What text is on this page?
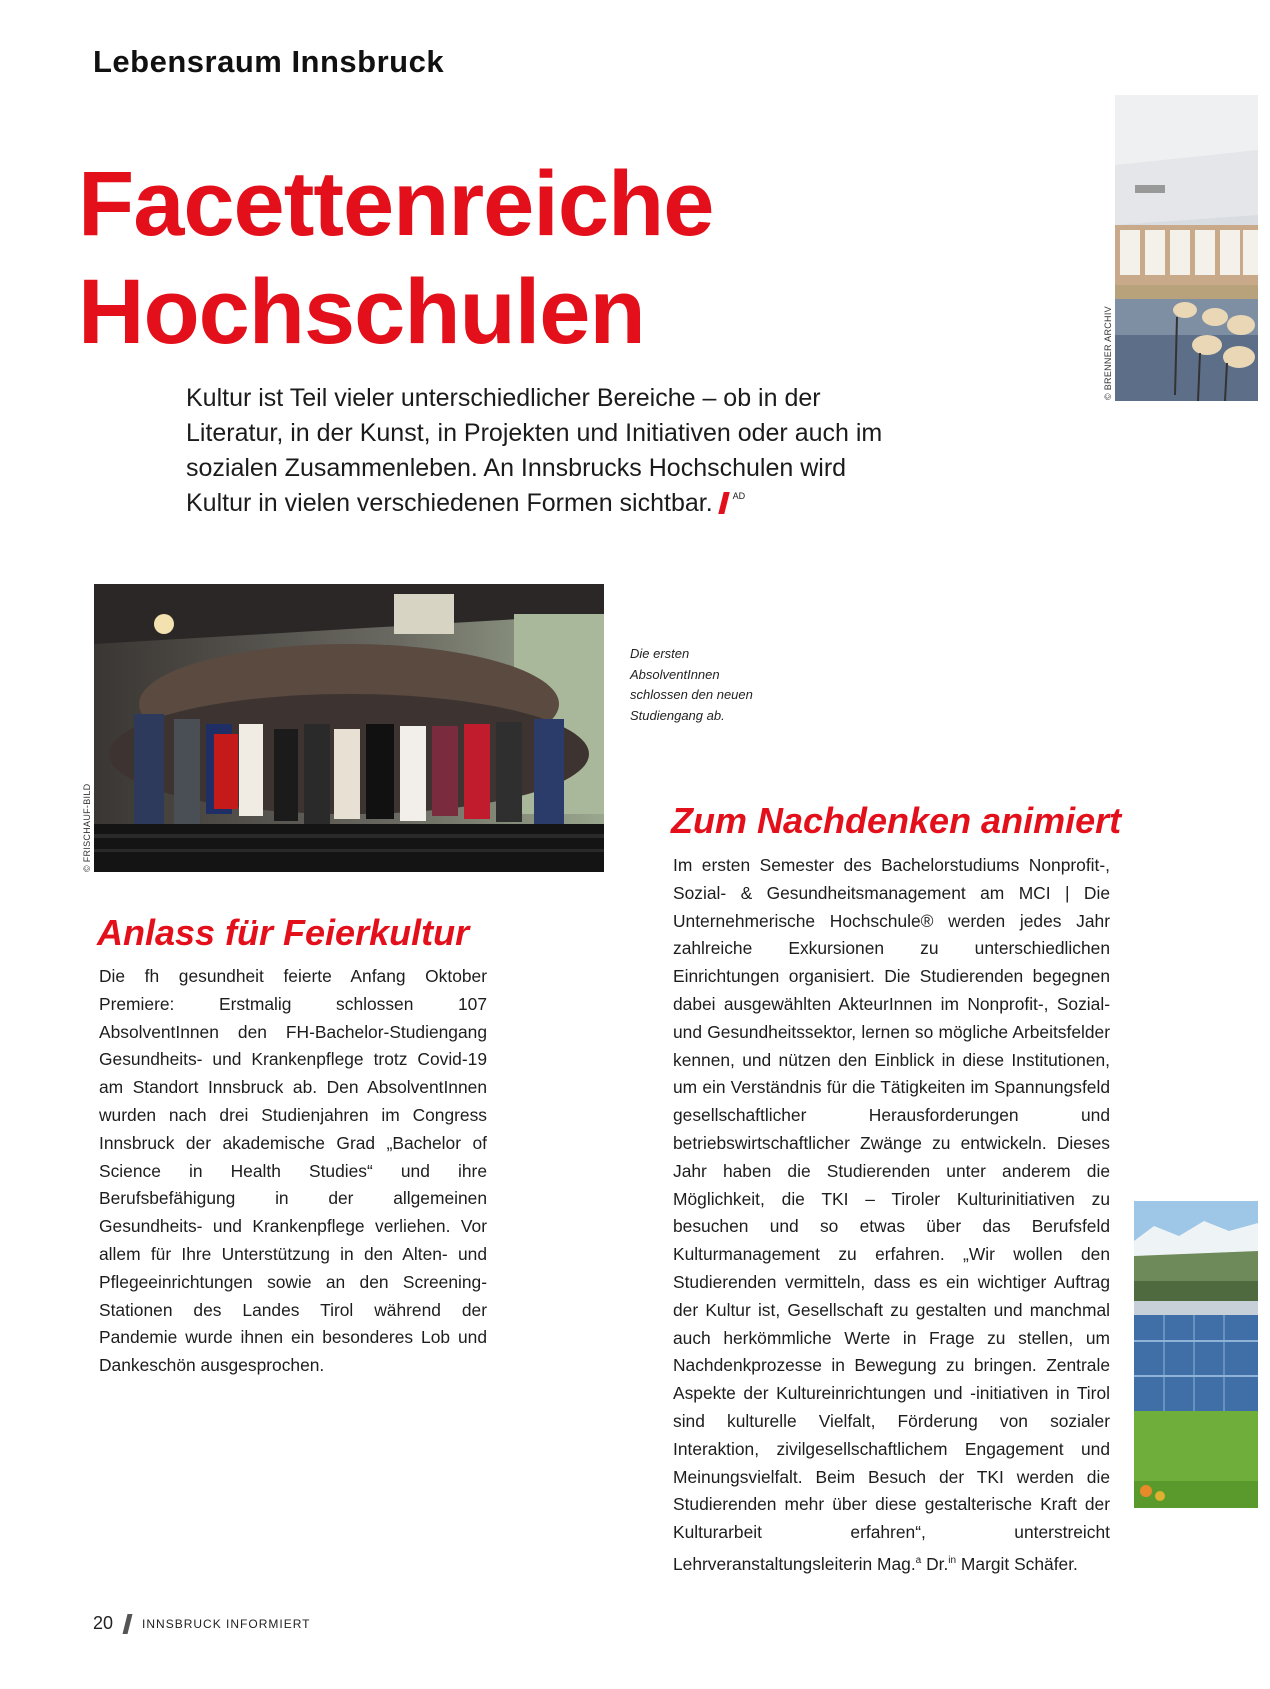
Lebensraum Innsbruck
Facettenreiche
Hochschulen
Kultur ist Teil vieler unterschiedlicher Bereiche – ob in der Literatur, in der Kunst, in Projekten und Initiativen oder auch im sozialen Zusammenleben. An Innsbrucks Hochschulen wird Kultur in vielen verschiedenen Formen sichtbar. $^{AD}$
© BRENNER ARCHIV
© FRISCHAUF-BILD
Die ersten AbsolventInnen schlossen den neuen Studiengang ab.
Anlass für Feierkultur
Die fh gesundheit feierte Anfang Oktober Premiere: Erstmalig schlossen 107 AbsolventInnen den FH-Bachelor-Studiengang Gesundheits- und Krankenpflege trotz Covid-19 am Standort Innsbruck ab. Den AbsolventInnen wurden nach drei Studienjahren im Congress Innsbruck der akademische Grad „Bachelor of Science in Health Studies“ und ihre Berufsbefähigung in der allgemeinen Gesundheits- und Krankenpflege verliehen. Vor allem für Ihre Unterstützung in den Alten- und Pflegeeinrichtungen sowie an den Screening-Stationen des Landes Tirol während der Pandemie wurde ihnen ein besonderes Lob und Dankeschön ausgesprochen.
Zum Nachdenken animiert
Im ersten Semester des Bachelorstudiums Nonprofit-, Sozial- & Gesundheitsmanagement am MCI | Die Unternehmerische Hochschule® werden jedes Jahr zahlreiche Exkursionen zu unterschiedlichen Einrichtungen organisiert. Die Studierenden begegnen dabei ausgewählten AkteurInnen im Nonprofit-, Sozial- und Gesundheitssektor, lernen so mögliche Arbeitsfelder kennen, und nützen den Einblick in diese Institutionen, um ein Verständnis für die Tätigkeiten im Spannungsfeld gesellschaftlicher Herausforderungen und betriebswirtschaftlicher Zwänge zu entwickeln. Dieses Jahr haben die Studierenden unter anderem die Möglichkeit, die TKI – Tiroler Kulturinitiativen zu besuchen und so etwas über das Berufsfeld Kulturmanagement zu erfahren. „Wir wollen den Studierenden vermitteln, dass es ein wichtiger Auftrag der Kultur ist, Gesellschaft zu gestalten und manchmal auch herkömmliche Werte in Frage zu stellen, um Nachdenkprozesse in Bewegung zu bringen. Zentrale Aspekte der Kultureinrichtungen und -initiativen in Tirol sind kulturelle Vielfalt, Förderung von sozialer Interaktion, zivilgesellschaftlichem Engagement und Meinungsvielfalt. Beim Besuch der TKI werden die Studierenden mehr über diese gestalterische Kraft der Kulturarbeit erfahren“, unterstreicht Lehrveranstaltungsleiterin Mag.$^a$ Dr.$^{in}$ Margit Schäfer.
20 INNSBRUCK INFORMIERT
